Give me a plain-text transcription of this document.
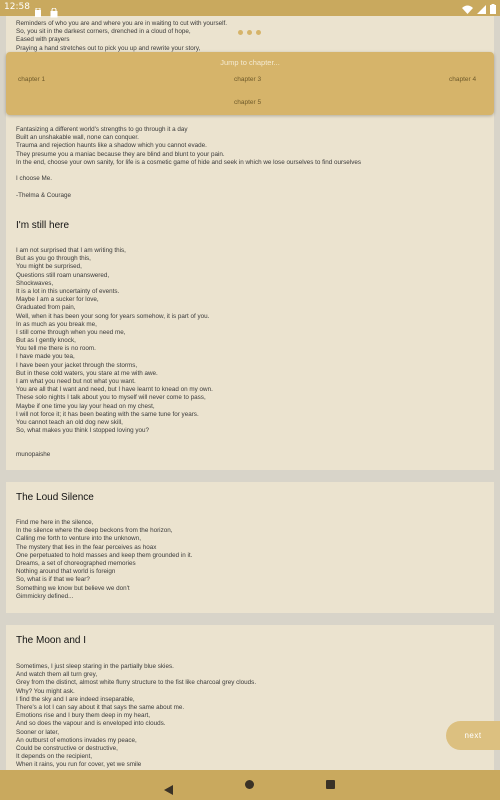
12:58
Reminders of who you are and where you are in waiting to cut with yourself.
So, you sit in the darkest corners, drenched in a cloud of hope,
Eased with prayers
Praying a hand stretches out to pick you up and rewrite your story,
Fantasizing a different world's strengths to go through it a day
Built an unshakable wall, none can conquer.
Trauma and rejection haunts like a shadow which you cannot evade.
They presume you a maniac because they are blind and blunt to your pain.
In the end, choose your own sanity, for life is a cosmetic game of hide and seek in which we lose ourselves to find ourselves
I choose Me.
-Thelma & Courage
I'm still here
I am not surprised that I am writing this,
But as you go through this,
You might be surprised,
Questions still roam unanswered,
Shockwaves,
It is a lot in this uncertainty of events.
Maybe I am a sucker for love,
Graduated from pain,
Well, when it has been your song for years somehow, it is part of you.
In as much as you break me,
I still come through when you need me,
But as I gently knock,
You tell me there is no room.
I have made you tea,
I have been your jacket through the storms,
But in these cold waters, you stare at me with awe.
I am what you need but not what you want.
You are all that I want and need, but I have learnt to knead on my own.
These solo nights I talk about you to myself will never come to pass,
Maybe if one time you lay your head on my chest,
I will not force it; it has been beating with the same tune for years.
You cannot teach an old dog new skill,
So, what makes you think I stopped loving you?
munopaishe
The Loud Silence
Find me here in the silence,
In the silence where the deep beckons from the horizon,
Calling me forth to venture into the unknown,
The mystery that lies in the fear perceives as hoax
One perpetuated to hold masses and keep them grounded in it.
Dreams, a set of choreographed memories
Nothing around that world is foreign
So, what is if that we fear?
Something we know but believe we don't
Gimmickry defined...
The Moon and I
Sometimes, I just sleep staring in the partially blue skies.
And watch them all turn grey,
Grey from the distinct, almost white flurry structure to the fist like charcoal grey clouds.
Why? You might ask.
I find the sky and I are indeed inseparable,
There's a lot I can say about it that says the same about me.
Emotions rise and I bury them deep in my heart,
And so does the vapour and is enveloped into clouds.
Sooner or later,
An outburst of emotions invades my peace,
Could be constructive or destructive,
It depends on the recipient,
When it rains, you run for cover, yet we smile
Jump to chapter...
chapter 1	chapter 3	chapter 4
chapter 5
next
